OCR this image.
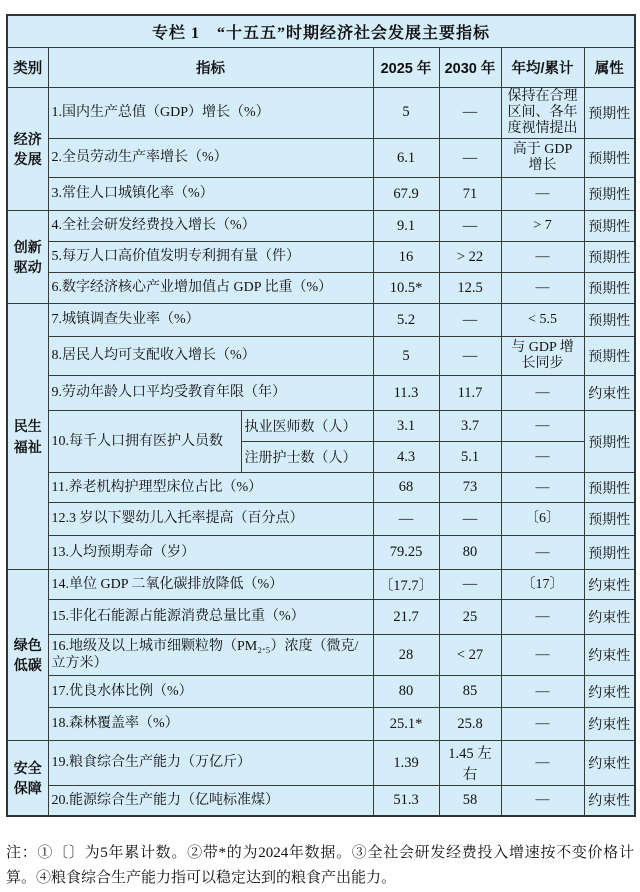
专栏 1　“十五五”时期经济社会发展主要指标						
类别	指标		2025 年	2030 年	年均/累计	属性
经济发展	1.国内生产总值（GDP）增长（%）		5	—	保持在合理区间、各年度视情提出	预期性
	2.全员劳动生产率增长（%）		6.1	—	高于 GDP 增长	预期性
	3.常住人口城镇化率（%）		67.9	71	—	预期性
创新驱动	4.全社会研发经费投入增长（%）		9.1	—	> 7	预期性
	5.每万人口高价值发明专利拥有量（件）		16	> 22	—	预期性
	6.数字经济核心产业增加值占 GDP 比重（%）		10.5*	12.5	—	预期性
民生福祉	7.城镇调查失业率（%）		5.2	—	< 5.5	预期性
	8.居民人均可支配收入增长（%）		5	—	与 GDP 增长同步	预期性
	9.劳动年龄人口平均受教育年限（年）		11.3	11.7	—	约束性
	10.每千人口拥有医护人员数	执业医师数（人）	3.1	3.7	—	预期性
		注册护士数（人）	4.3	5.1	—	
	11.养老机构护理型床位占比（%）		68	73	—	预期性
	12.3 岁以下婴幼儿入托率提高（百分点）		—	—	〔6〕	预期性
	13.人均预期寿命（岁）		79.25	80	—	预期性
绿色低碳	14.单位 GDP 二氧化碳排放降低（%）		〔17.7〕	—	〔17〕	约束性
	15.非化石能源占能源消费总量比重（%）		21.7	25	—	约束性
	16.地级及以上城市细颗粒物（PM₂.₅）浓度（微克/立方米）		28	< 27	—	约束性
	17.优良水体比例（%）		80	85	—	约束性
	18.森林覆盖率（%）		25.1*	25.8	—	约束性
安全保障	19.粮食综合生产能力（万亿斤）		1.39	1.45 左右	—	约束性
	20.能源综合生产能力（亿吨标准煤）		51.3	58	—	约束性

注：①〔〕为5年累计数。②带*的为2024年数据。③全社会研发经费投入增速按不变价格计算。④粮食综合生产能力指可以稳定达到的粮食产出能力。
